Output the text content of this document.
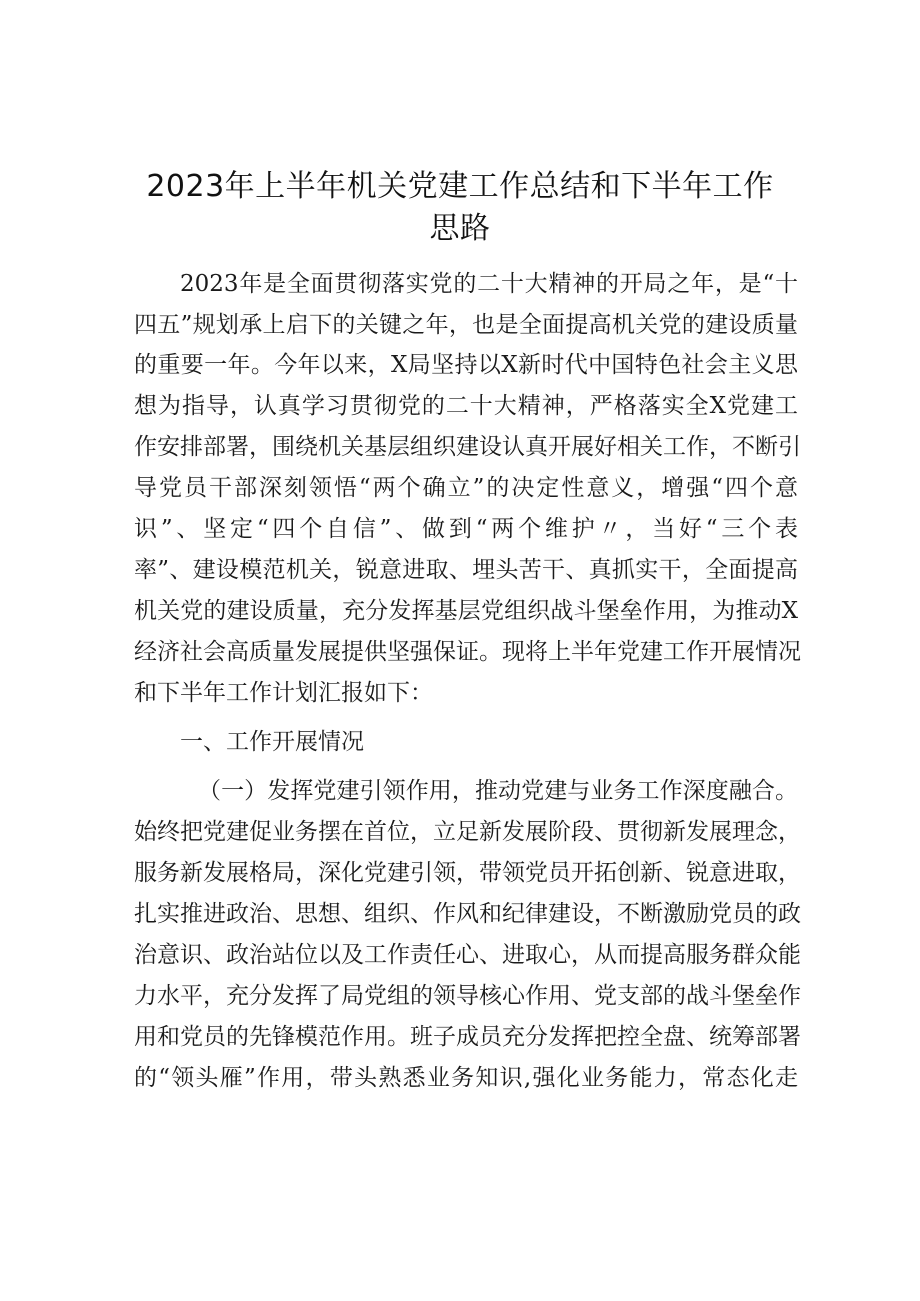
2023年上半年机关党建工作总结和下半年工作
思路
2023年是全面贯彻落实党的二十大精神的开局之年，是“十
四五”规划承上启下的关键之年，也是全面提高机关党的建设质量
的重要一年。今年以来，X局坚持以X新时代中国特色社会主义思
想为指导，认真学习贯彻党的二十大精神，严格落实全X党建工
作安排部署，围绕机关基层组织建设认真开展好相关工作，不断引
导党员干部深刻领悟“两个确立”的决定性意义，增强“四个意
识”、坚定“四个自信”、做到“两个维护〃，当好“三个表
率”、建设模范机关，锐意进取、埋头苦干、真抓实干，全面提高
机关党的建设质量，充分发挥基层党组织战斗堡垒作用，为推动X
经济社会高质量发展提供坚强保证。现将上半年党建工作开展情况
和下半年工作计划汇报如下：
一、工作开展情况
（一）发挥党建引领作用，推动党建与业务工作深度融合。
始终把党建促业务摆在首位，立足新发展阶段、贯彻新发展理念，
服务新发展格局，深化党建引领，带领党员开拓创新、锐意进取，
扎实推进政治、思想、组织、作风和纪律建设，不断激励党员的政
治意识、政治站位以及工作责任心、进取心，从而提高服务群众能
力水平，充分发挥了局党组的领导核心作用、党支部的战斗堡垒作
用和党员的先锋模范作用。班子成员充分发挥把控全盘、统筹部署
的“领头雁”作用，带头熟悉业务知识,强化业务能力，常态化走
